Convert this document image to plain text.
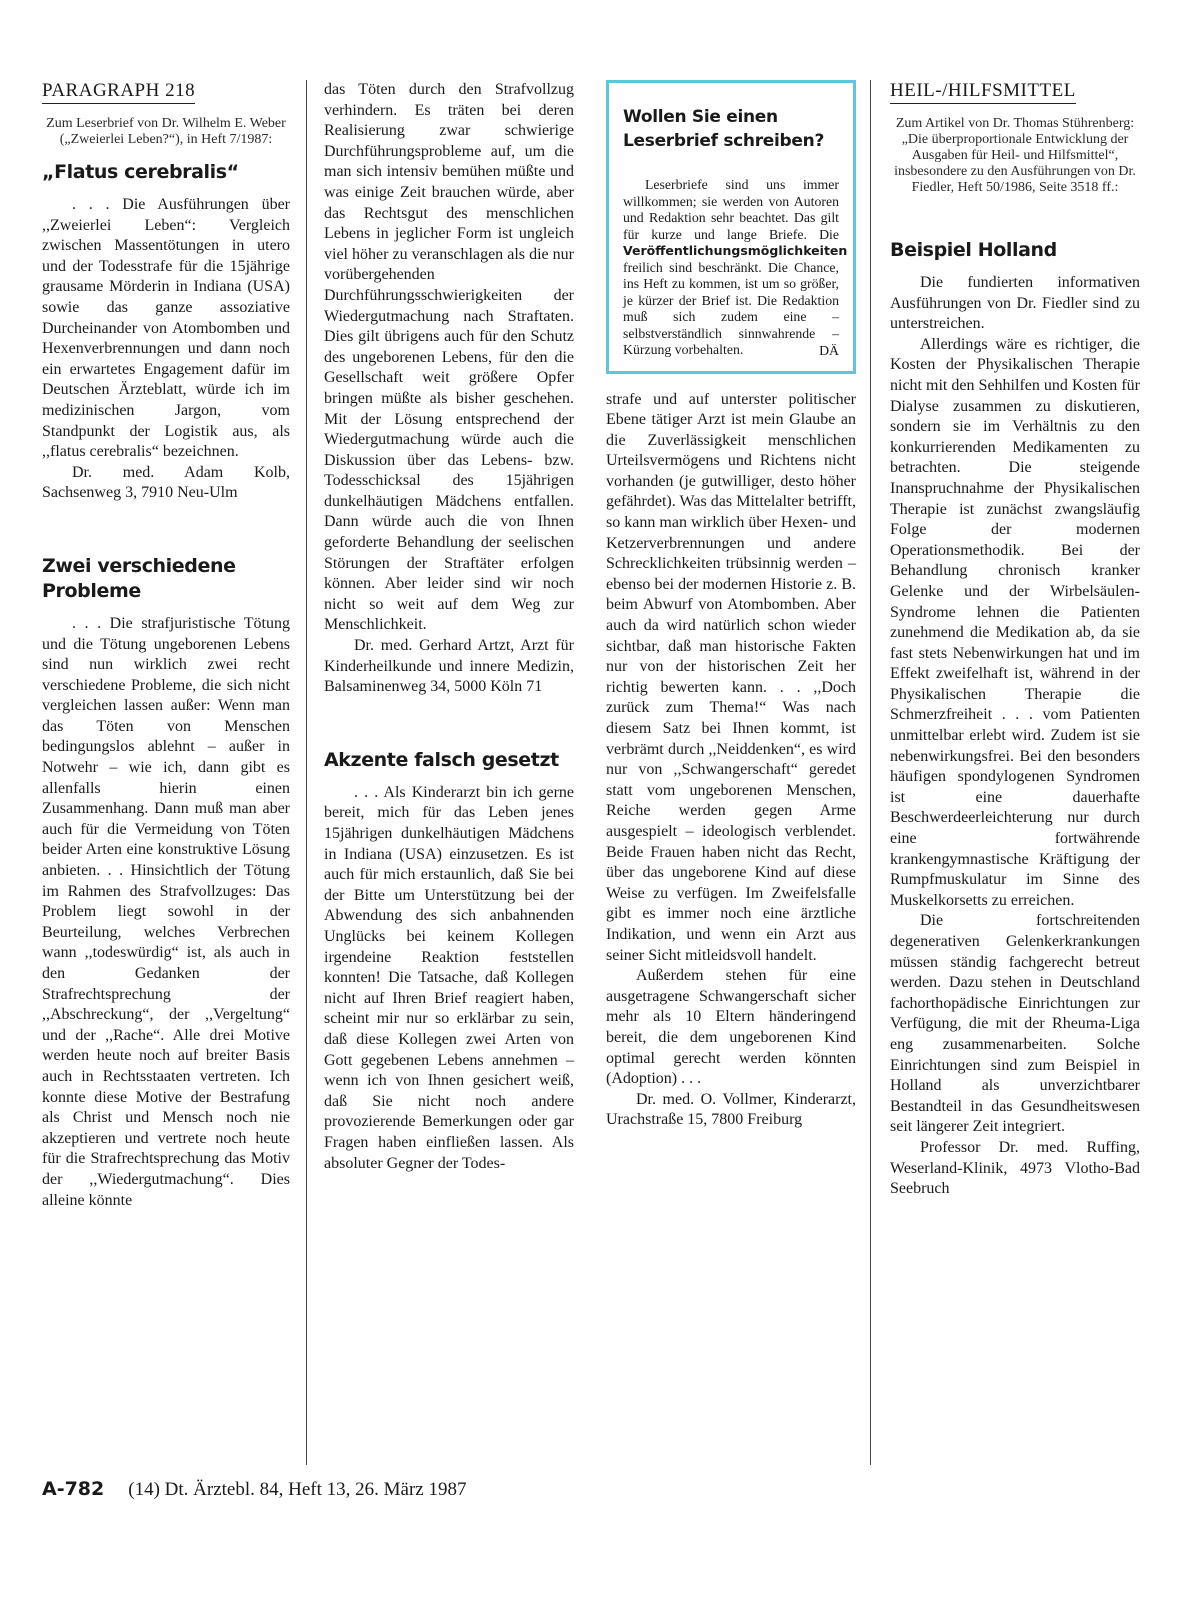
PARAGRAPH 218
Zum Leserbrief von Dr. Wilhelm E. Weber („Zweierlei Leben?“), in Heft 7/1987:
„Flatus cerebralis“

. . . Die Ausführungen über ,,Zweierlei Leben“: Vergleich zwischen Massentötungen in utero und der Todesstrafe für die 15jährige grausame Mörderin in Indiana (USA) sowie das ganze assoziative Durcheinander von Atombomben und Hexenverbrennungen und dann noch ein erwartetes Engagement dafür im Deutschen Ärzteblatt, würde ich im medizinischen Jargon, vom Standpunkt der Logistik aus, als ,,flatus cerebralis“ bezeichnen.

Dr. med. Adam Kolb, Sachsenweg 3, 7910 Neu-Ulm

Zwei verschiedene Probleme

. . . Die strafjuristische Tötung und die Tötung ungeborenen Lebens sind nun wirklich zwei recht verschiedene Probleme, die sich nicht vergleichen lassen außer: Wenn man das Töten von Menschen bedingungslos ablehnt – außer in Notwehr – wie ich, dann gibt es allenfalls hierin einen Zusammenhang. Dann muß man aber auch für die Vermeidung von Töten beider Arten eine konstruktive Lösung anbieten. . . Hinsichtlich der Tötung im Rahmen des Strafvollzuges: Das Problem liegt sowohl in der Beurteilung, welches Verbrechen wann ,,todeswürdig“ ist, als auch in den Gedanken der Strafrechtsprechung der ,,Abschreckung“, der ,,Vergeltung“ und der ,,Rache“. Alle drei Motive werden heute noch auf breiter Basis auch in Rechtsstaaten vertreten. Ich konnte diese Motive der Bestrafung als Christ und Mensch noch nie akzeptieren und vertrete noch heute für die Strafrechtsprechung das Motiv der ,,Wiedergutmachung“. Dies alleine könnte

das Töten durch den Strafvollzug verhindern. Es träten bei deren Realisierung zwar schwierige Durchführungsprobleme auf, um die man sich intensiv bemühen müßte und was einige Zeit brauchen würde, aber das Rechtsgut des menschlichen Lebens in jeglicher Form ist ungleich viel höher zu veranschlagen als die nur vorübergehenden Durchführungsschwierigkeiten der Wiedergutmachung nach Straftaten. Dies gilt übrigens auch für den Schutz des ungeborenen Lebens, für den die Gesellschaft weit größere Opfer bringen müßte als bisher geschehen. Mit der Lösung entsprechend der Wiedergutmachung würde auch die Diskussion über das Lebens- bzw. Todesschicksal des 15jährigen dunkelhäutigen Mädchens entfallen. Dann würde auch die von Ihnen geforderte Behandlung der seelischen Störungen der Straftäter erfolgen können. Aber leider sind wir noch nicht so weit auf dem Weg zur Menschlichkeit.

Dr. med. Gerhard Artzt, Arzt für Kinderheilkunde und innere Medizin, Balsaminenweg 34, 5000 Köln 71

Akzente falsch gesetzt

. . . Als Kinderarzt bin ich gerne bereit, mich für das Leben jenes 15jährigen dunkelhäutigen Mädchens in Indiana (USA) einzusetzen. Es ist auch für mich erstaunlich, daß Sie bei der Bitte um Unterstützung bei der Abwendung des sich anbahnenden Unglücks bei keinem Kollegen irgendeine Reaktion feststellen konnten! Die Tatsache, daß Kollegen nicht auf Ihren Brief reagiert haben, scheint mir nur so erklärbar zu sein, daß diese Kollegen zwei Arten von Gott gegebenen Lebens annehmen – wenn ich von Ihnen gesichert weiß, daß Sie nicht noch andere provozierende Bemerkungen oder gar Fragen haben einfließen lassen. Als absoluter Gegner der Todes-

Wollen Sie einen Leserbrief schreiben?

Leserbriefe sind uns immer willkommen; sie werden von Autoren und Redaktion sehr beachtet. Das gilt für kurze und lange Briefe. Die Veröffentlichungsmöglichkeiten freilich sind beschränkt. Die Chance, ins Heft zu kommen, ist um so größer, je kürzer der Brief ist. Die Redaktion muß sich zudem eine – selbstverständlich sinnwahrende – Kürzung vorbehalten.	DÄ

strafe und auf unterster politischer Ebene tätiger Arzt ist mein Glaube an die Zuverlässigkeit menschlichen Urteilsvermögens und Richtens nicht vorhanden (je gutwilliger, desto höher gefährdet). Was das Mittelalter betrifft, so kann man wirklich über Hexen- und Ketzerverbrennungen und andere Schrecklichkeiten trübsinnig werden – ebenso bei der modernen Historie z. B. beim Abwurf von Atombomben. Aber auch da wird natürlich schon wieder sichtbar, daß man historische Fakten nur von der historischen Zeit her richtig bewerten kann. . . ,,Doch zurück zum Thema!“ Was nach diesem Satz bei Ihnen kommt, ist verbrämt durch ,,Neiddenken“, es wird nur von ,,Schwangerschaft“ geredet statt vom ungeborenen Menschen, Reiche werden gegen Arme ausgespielt – ideologisch verblendet. Beide Frauen haben nicht das Recht, über das ungeborene Kind auf diese Weise zu verfügen. Im Zweifelsfalle gibt es immer noch eine ärztliche Indikation, und wenn ein Arzt aus seiner Sicht mitleidsvoll handelt.

Außerdem stehen für eine ausgetragene Schwangerschaft sicher mehr als 10 Eltern händeringend bereit, die dem ungeborenen Kind optimal gerecht werden könnten (Adoption) . . .

Dr. med. O. Vollmer, Kinderarzt, Urachstraße 15, 7800 Freiburg

HEIL-/HILFSMITTEL
Zum Artikel von Dr. Thomas Stührenberg: „Die überproportionale Entwicklung der Ausgaben für Heil- und Hilfsmittel“, insbesondere zu den Ausführungen von Dr. Fiedler, Heft 50/1986, Seite 3518 ff.:
Beispiel Holland

Die fundierten informativen Ausführungen von Dr. Fiedler sind zu unterstreichen.

Allerdings wäre es richtiger, die Kosten der Physikalischen Therapie nicht mit den Sehhilfen und Kosten für Dialyse zusammen zu diskutieren, sondern sie im Verhältnis zu den konkurrierenden Medikamenten zu betrachten. Die steigende Inanspruchnahme der Physikalischen Therapie ist zunächst zwangsläufig Folge der modernen Operationsmethodik. Bei der Behandlung chronisch kranker Gelenke und der Wirbelsäulen-Syndrome lehnen die Patienten zunehmend die Medikation ab, da sie fast stets Nebenwirkungen hat und im Effekt zweifelhaft ist, während in der Physikalischen Therapie die Schmerzfreiheit . . . vom Patienten unmittelbar erlebt wird. Zudem ist sie nebenwirkungsfrei. Bei den besonders häufigen spondylogenen Syndromen ist eine dauerhafte Beschwerdeerleichterung nur durch eine fortwährende krankengymnastische Kräftigung der Rumpfmuskulatur im Sinne des Muskelkorsetts zu erreichen.

Die fortschreitenden degenerativen Gelenkerkrankungen müssen ständig fachgerecht betreut werden. Dazu stehen in Deutschland fachorthopädische Einrichtungen zur Verfügung, die mit der Rheuma-Liga eng zusammenarbeiten. Solche Einrichtungen sind zum Beispiel in Holland als unverzichtbarer Bestandteil in das Gesundheitswesen seit längerer Zeit integriert.

Professor Dr. med. Ruffing, Weserland-Klinik, 4973 Vlotho-Bad Seebruch

A-782 (14) Dt. Ärztebl. 84, Heft 13, 26. März 1987
